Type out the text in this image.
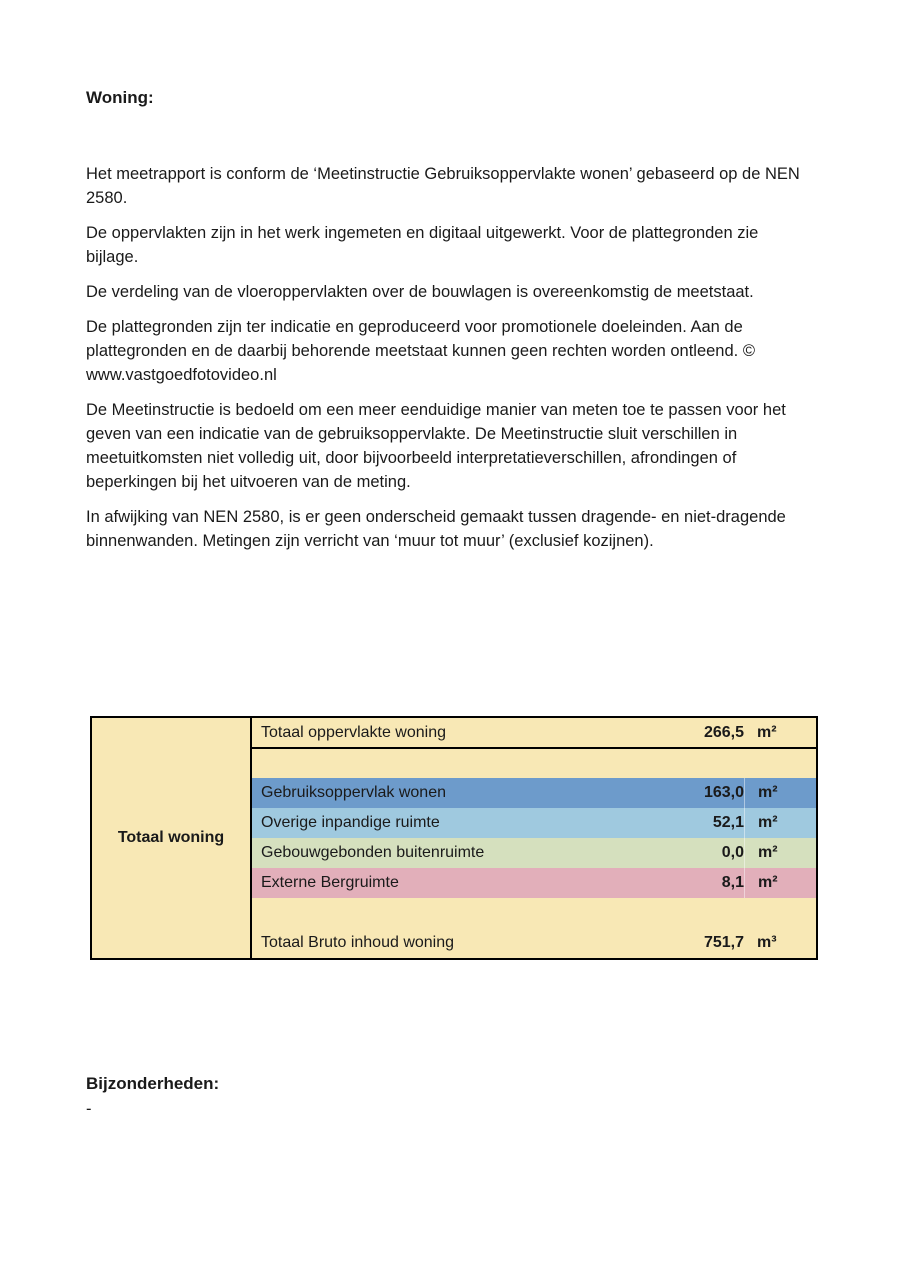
Woning:

Het meetrapport is conform de ‘Meetinstructie Gebruiksoppervlakte wonen’ gebaseerd op de NEN 2580.

De oppervlakten zijn in het werk ingemeten en digitaal uitgewerkt. Voor de plattegronden zie bijlage.

De verdeling van de vloeroppervlakten over de bouwlagen is overeenkomstig de meetstaat.

De plattegronden zijn ter indicatie en geproduceerd voor promotionele doeleinden. Aan de plattegronden en de daarbij behorende meetstaat kunnen geen rechten worden ontleend. © www.vastgoedfotovideo.nl

De Meetinstructie is bedoeld om een meer eenduidige manier van meten toe te passen voor het geven van een indicatie van de gebruiksoppervlakte. De Meetinstructie sluit verschillen in meetuitkomsten niet volledig uit, door bijvoorbeeld interpretatieverschillen, afrondingen of beperkingen bij het uitvoeren van de meting.

In afwijking van NEN 2580, is er geen onderscheid gemaakt tussen dragende- en niet-dragende binnenwanden. Metingen zijn verricht van ‘muur tot muur’ (exclusief kozijnen).

Totaal woning
Totaal oppervlakte woning	266,5 m²
Gebruiksoppervlak wonen	163,0 m²
Overige inpandige ruimte	52,1 m²
Gebouwgebonden buitenruimte	0,0 m²
Externe Bergruimte	8,1 m²
Totaal Bruto inhoud woning	751,7 m³
Bijzonderheden:
-
